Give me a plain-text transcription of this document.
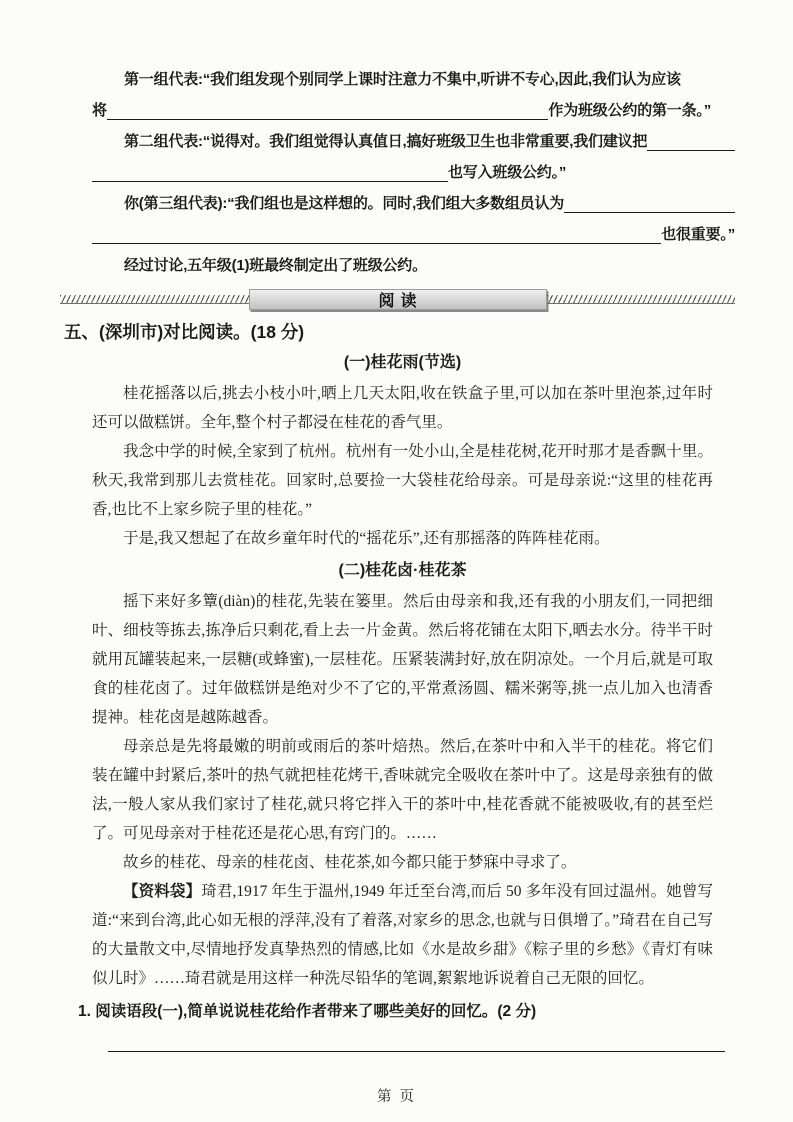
第一组代表:“我们组发现个别同学上课时注意力不集中,听讲不专心,因此,我们认为应该
将	作为班级公约的第一条。”
第二组代表:“说得对。我们组觉得认真值日,搞好班级卫生也非常重要,我们建议把
也写入班级公约。”
你(第三组代表):“我们组也是这样想的。同时,我们组大多数组员认为
也很重要。”
经过讨论,五年级(1)班最终制定出了班级公约。
阅读
五、(深圳市)对比阅读。(18 分)
(一)桂花雨(节选)

桂花摇落以后,挑去小枝小叶,晒上几天太阳,收在铁盒子里,可以加在茶叶里泡茶,过年时还可以做糕饼。全年,整个村子都浸在桂花的香气里。

我念中学的时候,全家到了杭州。杭州有一处小山,全是桂花树,花开时那才是香飘十里。秋天,我常到那儿去赏桂花。回家时,总要捡一大袋桂花给母亲。可是母亲说:“这里的桂花再香,也比不上家乡院子里的桂花。”

于是,我又想起了在故乡童年时代的“摇花乐”,还有那摇落的阵阵桂花雨。

(二)桂花卤·桂花茶

摇下来好多簟(diàn)的桂花,先装在篓里。然后由母亲和我,还有我的小朋友们,一同把细叶、细枝等拣去,拣净后只剩花,看上去一片金黄。然后将花铺在太阳下,晒去水分。待半干时就用瓦罐装起来,一层糖(或蜂蜜),一层桂花。压紧装满封好,放在阴凉处。一个月后,就是可取食的桂花卤了。过年做糕饼是绝对少不了它的,平常煮汤圆、糯米粥等,挑一点儿加入也清香提神。桂花卤是越陈越香。

母亲总是先将最嫩的明前或雨后的茶叶焙热。然后,在茶叶中和入半干的桂花。将它们装在罐中封紧后,茶叶的热气就把桂花烤干,香味就完全吸收在茶叶中了。这是母亲独有的做法,一般人家从我们家讨了桂花,就只将它拌入干的茶叶中,桂花香就不能被吸收,有的甚至烂了。可见母亲对于桂花还是花心思,有窍门的。……

故乡的桂花、母亲的桂花卤、桂花茶,如今都只能于梦寐中寻求了。

【资料袋】琦君,1917 年生于温州,1949 年迁至台湾,而后 50 多年没有回过温州。她曾写道:“来到台湾,此心如无根的浮萍,没有了着落,对家乡的思念,也就与日俱增了。”琦君在自己写的大量散文中,尽情地抒发真挚热烈的情感,比如《水是故乡甜》《粽子里的乡愁》《青灯有味似儿时》……琦君就是用这样一种洗尽铅华的笔调,絮絮地诉说着自己无限的回忆。

1. 阅读语段(一),简单说说桂花给作者带来了哪些美好的回忆。(2 分)

第 页
